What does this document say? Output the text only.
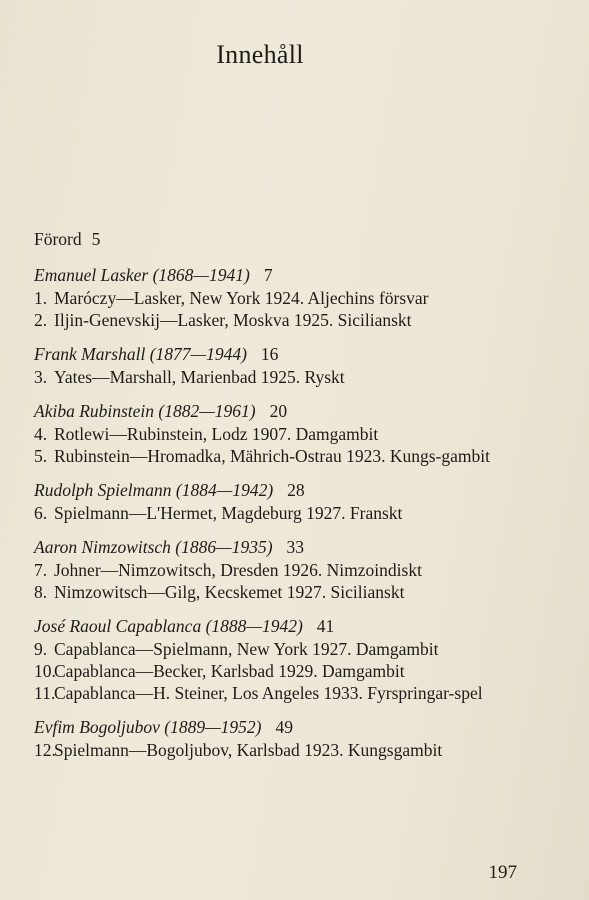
Innehåll
Förord 5
Emanuel Lasker (1868—1941) 7
1. Maróczy—Lasker, New York 1924. Aljechins försvar
2. Iljin-Genevskij—Lasker, Moskva 1925. Sicilianskt
Frank Marshall (1877—1944) 16
3. Yates—Marshall, Marienbad 1925. Ryskt
Akiba Rubinstein (1882—1961) 20
4. Rotlewi—Rubinstein, Lodz 1907. Damgambit
5. Rubinstein—Hromadka, Mährich-Ostrau 1923. Kungs-gambit
Rudolph Spielmann (1884—1942) 28
6. Spielmann—L'Hermet, Magdeburg 1927. Franskt
Aaron Nimzowitsch (1886—1935) 33
7. Johner—Nimzowitsch, Dresden 1926. Nimzoindiskt
8. Nimzowitsch—Gilg, Kecskemet 1927. Sicilianskt
José Raoul Capablanca (1888—1942) 41
9. Capablanca—Spielmann, New York 1927. Damgambit
10.
Capablanca—Becker, Karlsbad 1929. Damgambit
11.
Capablanca—H. Steiner, Los Angeles 1933. Fyrspringar-spel
Evfim Bogoljubov (1889—1952) 49
12.
Spielmann—Bogoljubov, Karlsbad 1923. Kungsgambit
197
